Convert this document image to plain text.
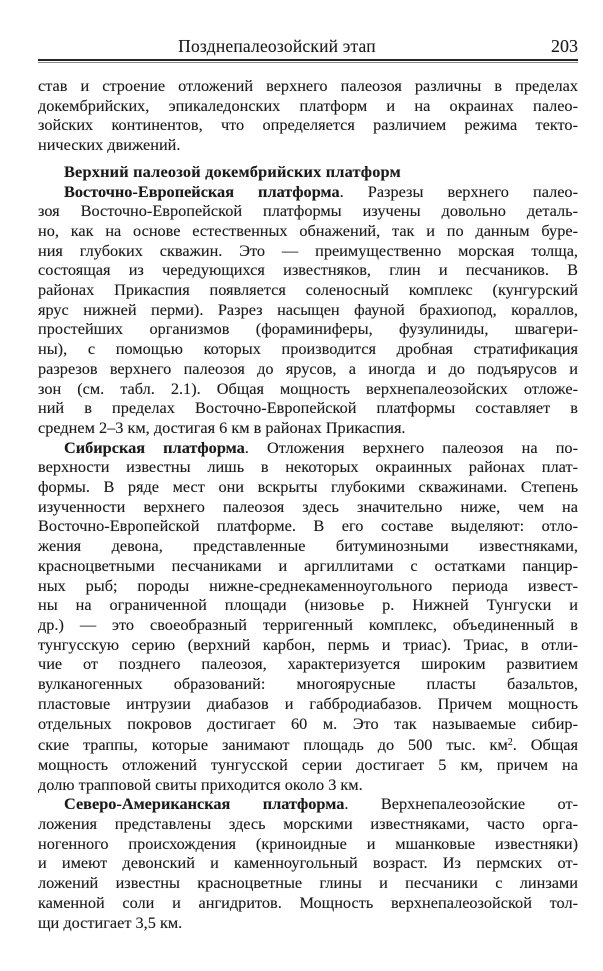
Позднепалеозойский этап	203
став и строение отложений верхнего палеозоя различны в пределах
докембрийских, эпикаледонских платформ и на окраинах палео-
зойских континентов, что определяется различием режима текто-
нических движений.
Верхний палеозой докембрийских платформ
Восточно-Европейская платформа. Разрезы верхнего палео-
зоя Восточно-Европейской платформы изучены довольно деталь-
но, как на основе естественных обнажений, так и по данным буре-
ния глубоких скважин. Это — преимущественно морская толща,
состоящая из чередующихся известняков, глин и песчаников. В
районах Прикаспия появляется соленосный комплекс (кунгурский
ярус нижней перми). Разрез насыщен фауной брахиопод, кораллов,
простейших организмов (фораминиферы, фузулиниды, швагери-
ны), с помощью которых производится дробная стратификация
разрезов верхнего палеозоя до ярусов, а иногда и до подъярусов и
зон (см. табл. 2.1). Общая мощность верхнепалеозойских отложе-
ний в пределах Восточно-Европейской платформы составляет в
среднем 2–3 км, достигая 6 км в районах Прикаспия.
Сибирская платформа. Отложения верхнего палеозоя на по-
верхности известны лишь в некоторых окраинных районах плат-
формы. В ряде мест они вскрыты глубокими скважинами. Степень
изученности верхнего палеозоя здесь значительно ниже, чем на
Восточно-Европейской платформе. В его составе выделяют: отло-
жения девона, представленные битуминозными известняками,
красноцветными песчаниками и аргиллитами с остатками панцир-
ных рыб; породы нижне-среднекаменноугольного периода извест-
ны на ограниченной площади (низовье р. Нижней Тунгуски и
др.) — это своеобразный терригенный комплекс, объединенный в
тунгусскую серию (верхний карбон, пермь и триас). Триас, в отли-
чие от позднего палеозоя, характеризуется широким развитием
вулканогенных образований: многоярусные пласты базальтов,
пластовые интрузии диабазов и габбродиабазов. Причем мощность
отдельных покровов достигает 60 м. Это так называемые сибир-
ские траппы, которые занимают площадь до 500 тыс. $км^2$. Общая
мощность отложений тунгусской серии достигает 5 км, причем на
долю трапповой свиты приходится около 3 км.
Северо-Американская платформа. Верхнепалеозойские от-
ложения представлены здесь морскими известняками, часто орга-
ногенного происхождения (криноидные и мшанковые известняки)
и имеют девонский и каменноугольный возраст. Из пермских от-
ложений известны красноцветные глины и песчаники с линзами
каменной соли и ангидритов. Мощность верхнепалеозойской тол-
щи достигает 3,5 км.
